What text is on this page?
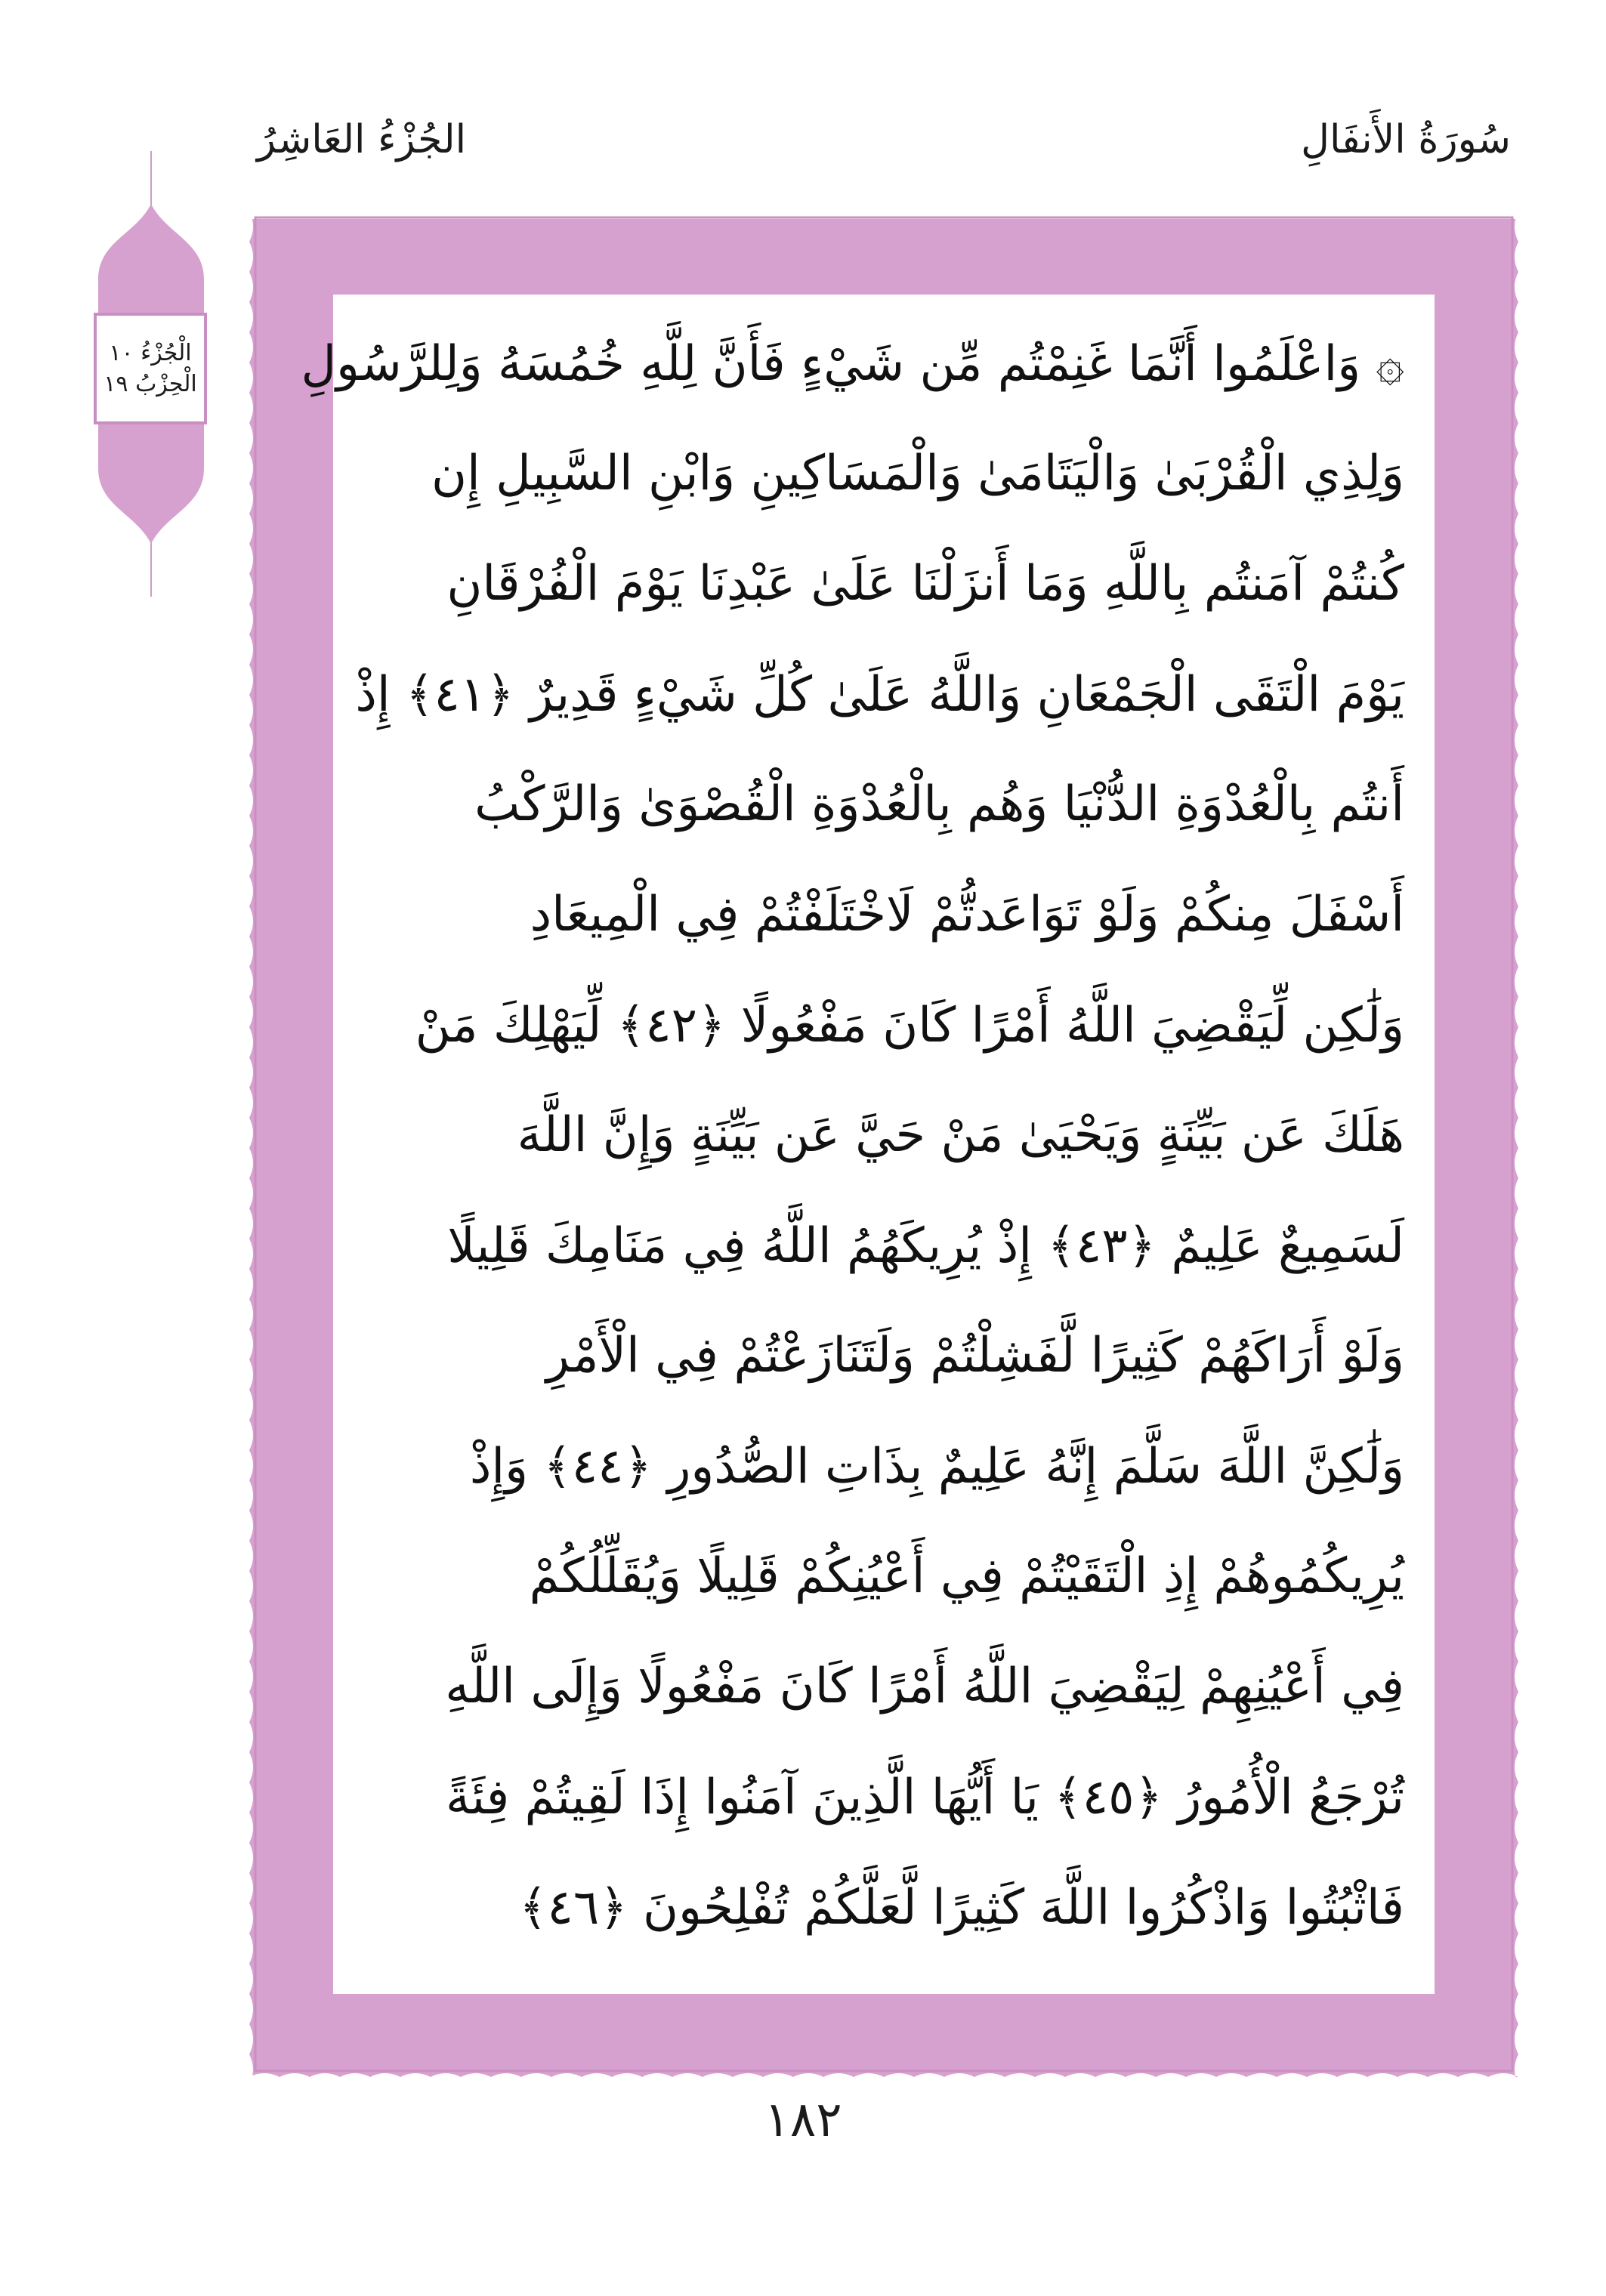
سُورَةُ الأَنفَالِ
الجُزْءُ العَاشِرُ
الْجُزْءُ ١٠
الْحِزْبُ ١٩ ۞ وَاعْلَمُوا أَنَّمَا غَنِمْتُم مِّن شَيْءٍ فَأَنَّ لِلَّهِ خُمُسَهُ وَلِلرَّسُولِ
وَلِذِي الْقُرْبَىٰ وَالْيَتَامَىٰ وَالْمَسَاكِينِ وَابْنِ السَّبِيلِ إِن
كُنتُمْ آمَنتُم بِاللَّهِ وَمَا أَنزَلْنَا عَلَىٰ عَبْدِنَا يَوْمَ الْفُرْقَانِ
يَوْمَ الْتَقَى الْجَمْعَانِ وَاللَّهُ عَلَىٰ كُلِّ شَيْءٍ قَدِيرٌ ﴿٤١﴾ إِذْ
أَنتُم بِالْعُدْوَةِ الدُّنْيَا وَهُم بِالْعُدْوَةِ الْقُصْوَىٰ وَالرَّكْبُ
أَسْفَلَ مِنكُمْ وَلَوْ تَوَاعَدتُّمْ لَاخْتَلَفْتُمْ فِي الْمِيعَادِ
وَلَٰكِن لِّيَقْضِيَ اللَّهُ أَمْرًا كَانَ مَفْعُولًا ﴿٤٢﴾ لِّيَهْلِكَ مَنْ
هَلَكَ عَن بَيِّنَةٍ وَيَحْيَىٰ مَنْ حَيَّ عَن بَيِّنَةٍ وَإِنَّ اللَّهَ
لَسَمِيعٌ عَلِيمٌ ﴿٤٣﴾ إِذْ يُرِيكَهُمُ اللَّهُ فِي مَنَامِكَ قَلِيلًا
وَلَوْ أَرَاكَهُمْ كَثِيرًا لَّفَشِلْتُمْ وَلَتَنَازَعْتُمْ فِي الْأَمْرِ
وَلَٰكِنَّ اللَّهَ سَلَّمَ إِنَّهُ عَلِيمٌ بِذَاتِ الصُّدُورِ ﴿٤٤﴾ وَإِذْ
يُرِيكُمُوهُمْ إِذِ الْتَقَيْتُمْ فِي أَعْيُنِكُمْ قَلِيلًا وَيُقَلِّلُكُمْ
فِي أَعْيُنِهِمْ لِيَقْضِيَ اللَّهُ أَمْرًا كَانَ مَفْعُولًا وَإِلَى اللَّهِ
تُرْجَعُ الْأُمُورُ ﴿٤٥﴾ يَا أَيُّهَا الَّذِينَ آمَنُوا إِذَا لَقِيتُمْ فِئَةً
فَاثْبُتُوا وَاذْكُرُوا اللَّهَ كَثِيرًا لَّعَلَّكُمْ تُفْلِحُونَ ﴿٤٦﴾
١٨٢
